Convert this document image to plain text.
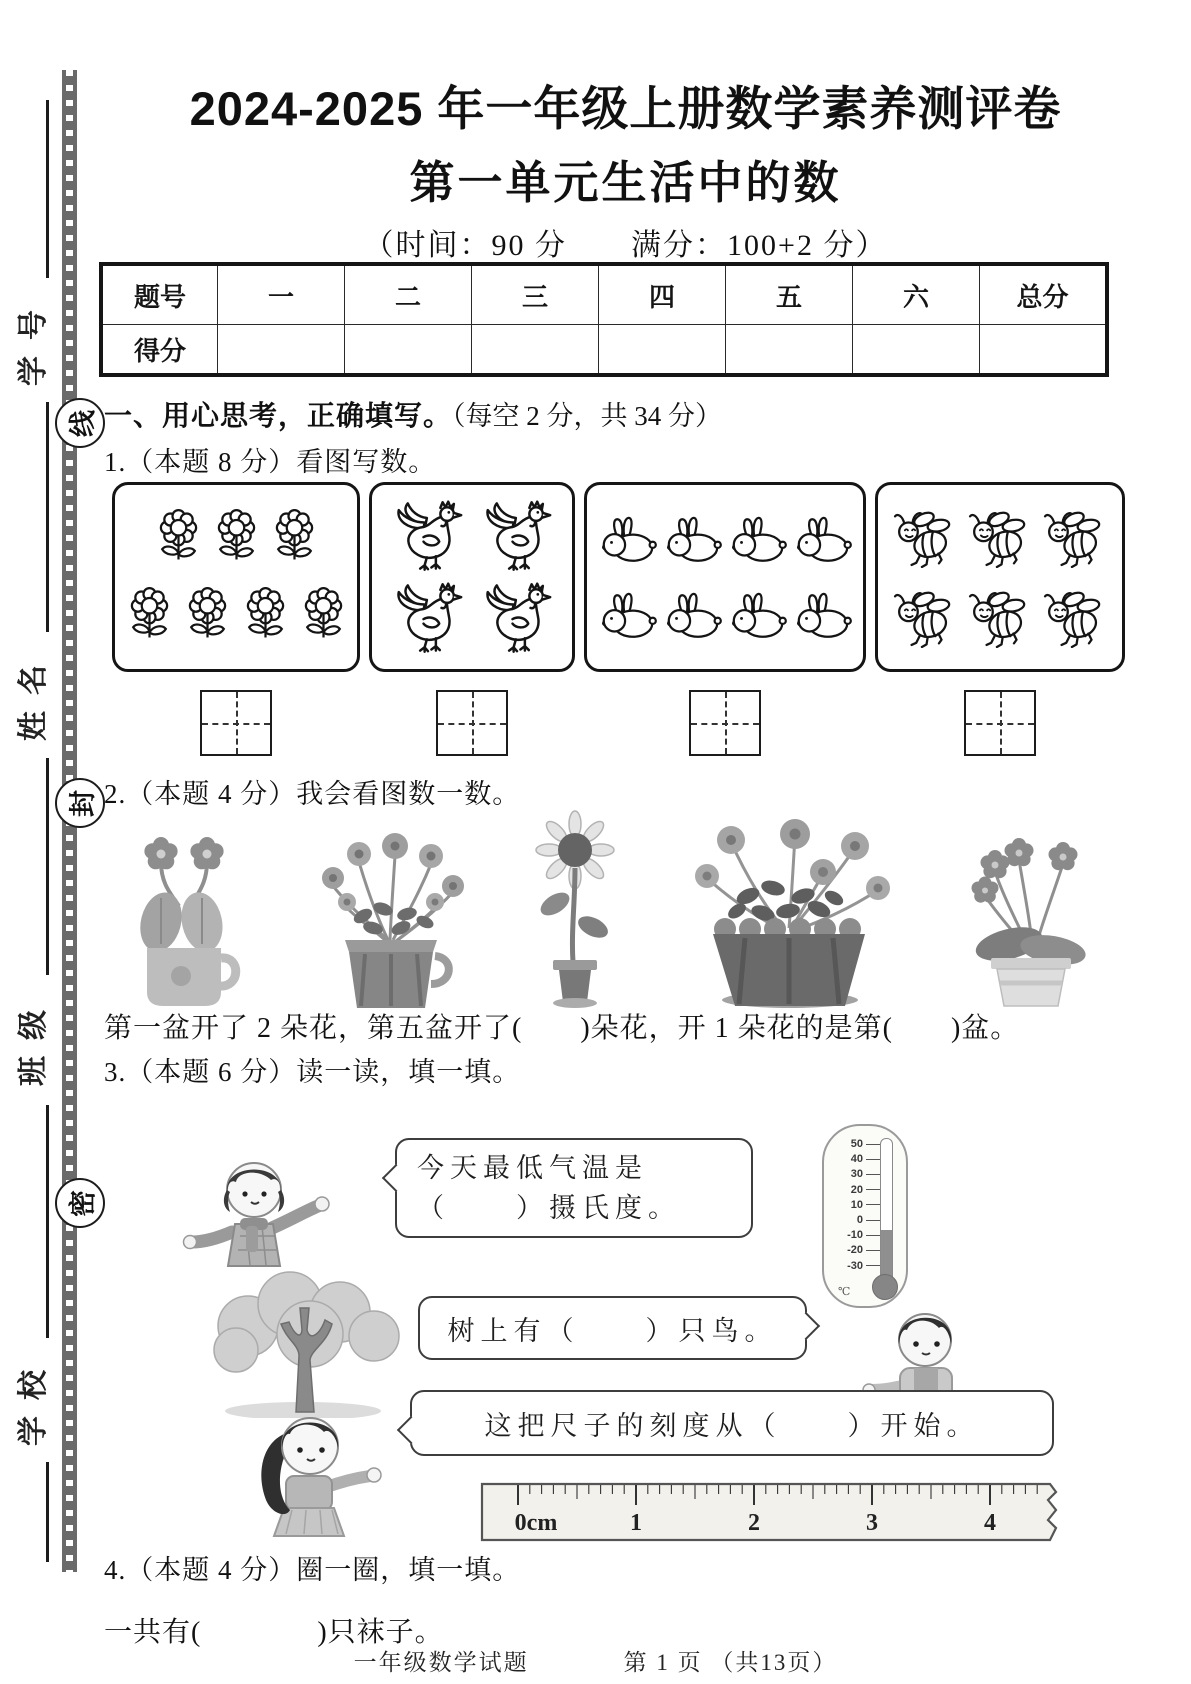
学号
姓名
班级
学校
线
封
密
2024-2025 年一年级上册数学素养测评卷
第一单元生活中的数
（时间：90 分　　满分：100+2 分）
题号	一	二	三	四	五	六	总分
得分							
一、用心思考，正确填写。（每空 2 分，共 34 分）
1.（本题 8 分）看图写数。
2.（本题 4 分）我会看图数一数。
第一盆开了 2 朵花，第五盆开了(　　)朵花，开 1 朵花的是第(　　)盆。
3.（本题 6 分）读一读，填一填。
今天最低气温是
（　　）摄氏度。
50
40
30
20
10
0
-10
-20
-30
℃
树上有（　　）只鸟。
这把尺子的刻度从（　　）开始。
0cm	1	2	3	4
4.（本题 4 分）圈一圈，填一填。
一共有(　　　　)只袜子。
一年级数学试题	第 1 页 （共13页）
